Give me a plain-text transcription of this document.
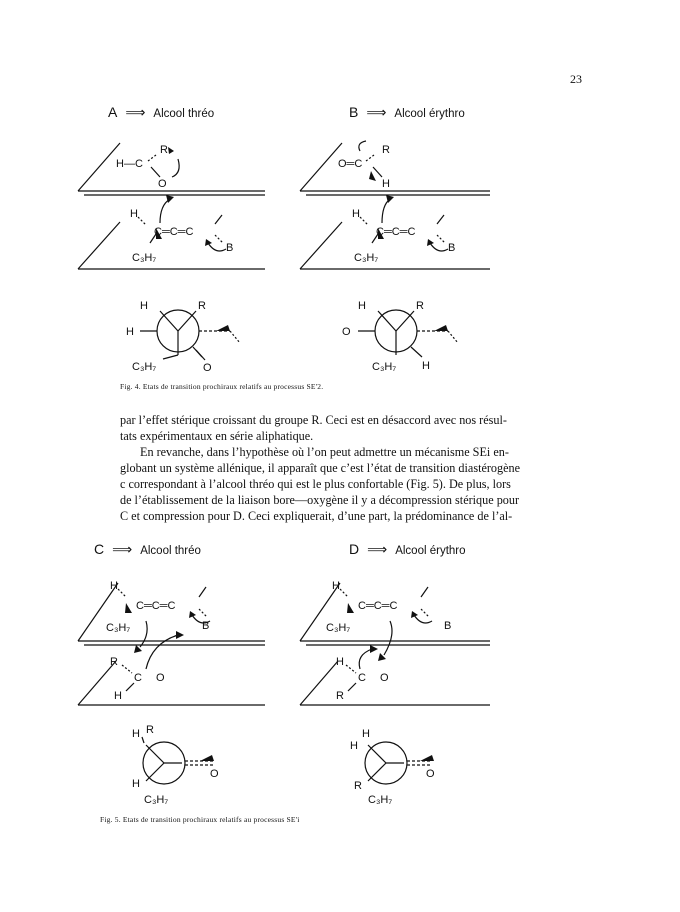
23
A ⟹ Alcool thréo	B ⟹ Alcool érythro
H—C
R
O
H
C═C═C
B
C₃H₇
O═C
R
H
H
C═C═C
B
C₃H₇
H	R
H
C₃H₇	O
H	R
O
C₃H₇ H
Fig. 4. Etats de transition prochiraux relatifs au processus SE'2.

par l’effet stérique croissant du groupe R. Ceci est en désaccord avec nos résul-

tats expérimentaux en série aliphatique.

En revanche, dans l’hypothèse où l’on peut admettre un mécanisme SEi en-

globant un système allénique, il apparaît que c’est l’état de transition diastérogène

c correspondant à l’alcool thréo qui est le plus confortable (Fig. 5). De plus, lors

de l’établissement de la liaison bore—oxygène il y a décompression stérique pour

C et compression pour D. Ceci expliquerait, d’une part, la prédominance de l’al-

C ⟹ Alcool thréo	D ⟹ Alcool érythro
H
C═C═C
C₃H₇	B
R
C O
H
H
C═C═C
C₃H₇	B
H
C O
R
H R
H
C₃H₇
O
H
H
R
C₃H₇
O
Fig. 5. Etats de transition prochiraux relatifs au processus SE'i
